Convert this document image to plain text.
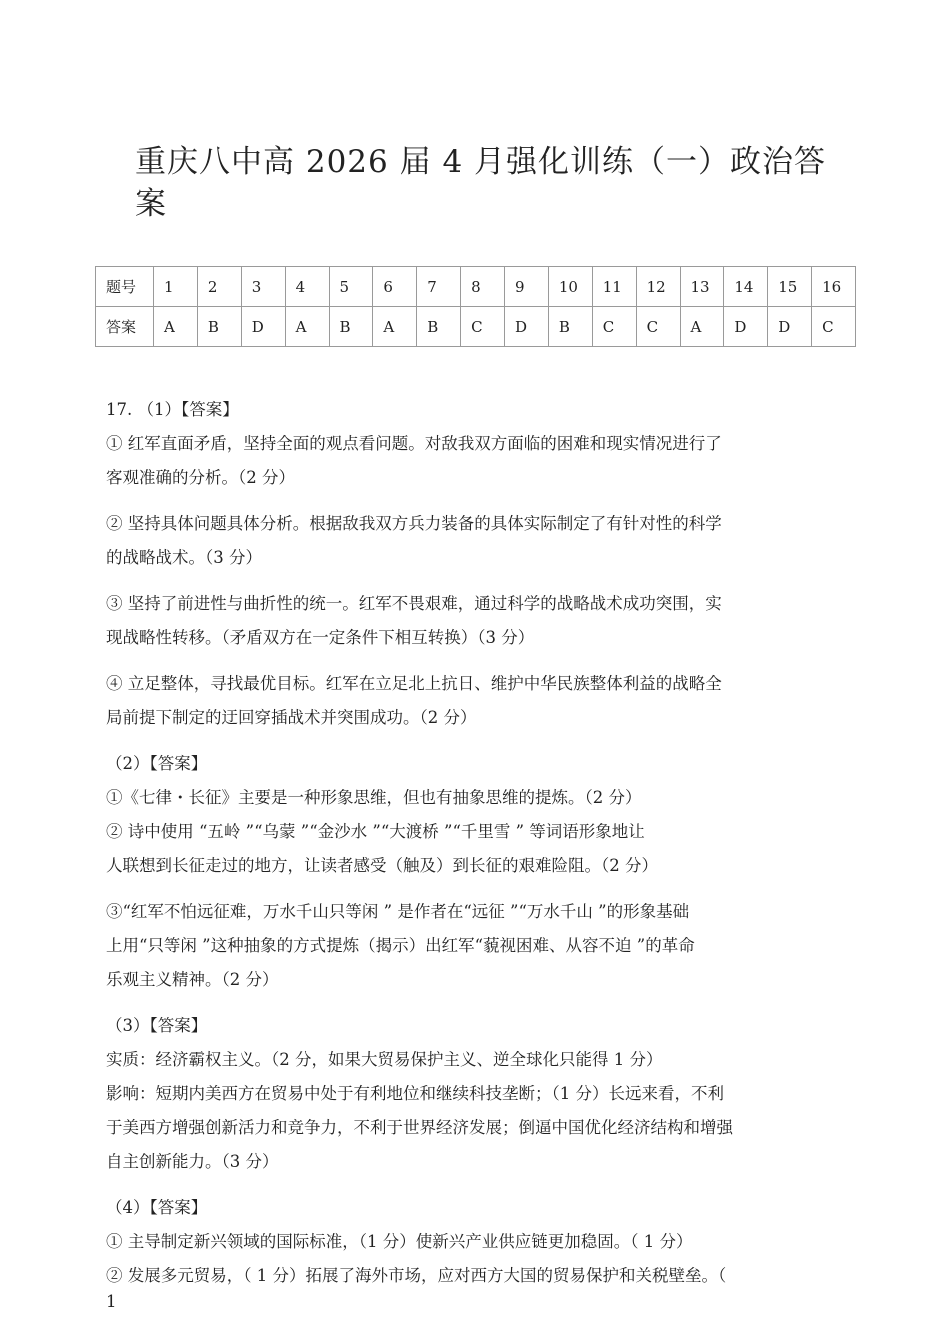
重庆八中高 2026 届 4 月强化训练（一）政治答
案
题号	1	2	3	4	5	6	7	8	9	10	11	12	13	14	15	16
答案	A	B	D	A	B	A	B	C	D	B	C	C	A	D	D	C

17. （1）【答案】

① 红军直面矛盾，坚持全面的观点看问题。对敌我双方面临的困难和现实情况进行了

客观准确的分析。（2 分）

② 坚持具体问题具体分析。根据敌我双方兵力装备的具体实际制定了有针对性的科学

的战略战术。（3 分）

③ 坚持了前进性与曲折性的统一。红军不畏艰难，通过科学的战略战术成功突围，实

现战略性转移。（矛盾双方在一定条件下相互转换）（3 分）

④ 立足整体，寻找最优目标。红军在立足北上抗日、维护中华民族整体利益的战略全

局前提下制定的迂回穿插战术并突围成功。（2 分）

（2）【答案】

①《七律・长征》主要是一种形象思维，但也有抽象思维的提炼。（2 分）

② 诗中使用 “五岭 ”“乌蒙 ”“金沙水 ”“大渡桥 ”“千里雪 ” 等词语形象地让

人联想到长征走过的地方，让读者感受（触及）到长征的艰难险阻。（2 分）

③“红军不怕远征难，万水千山只等闲 ” 是作者在“远征 ”“万水千山 ”的形象基础

上用“只等闲 ”这种抽象的方式提炼（揭示）出红军“藐视困难、从容不迫 ”的革命

乐观主义精神。（2 分）

（3）【答案】

实质：经济霸权主义。（2 分，如果大贸易保护主义、逆全球化只能得 1 分）

影响：短期内美西方在贸易中处于有利地位和继续科技垄断；（1 分）长远来看，不利

于美西方增强创新活力和竞争力，不利于世界经济发展；倒逼中国优化经济结构和增强

自主创新能力。（3 分）

（4）【答案】

① 主导制定新兴领域的国际标准，（1 分）使新兴产业供应链更加稳固。（ 1 分）

② 发展多元贸易，（ 1 分）拓展了海外市场，应对西方大国的贸易保护和关税壁垒。（

1
